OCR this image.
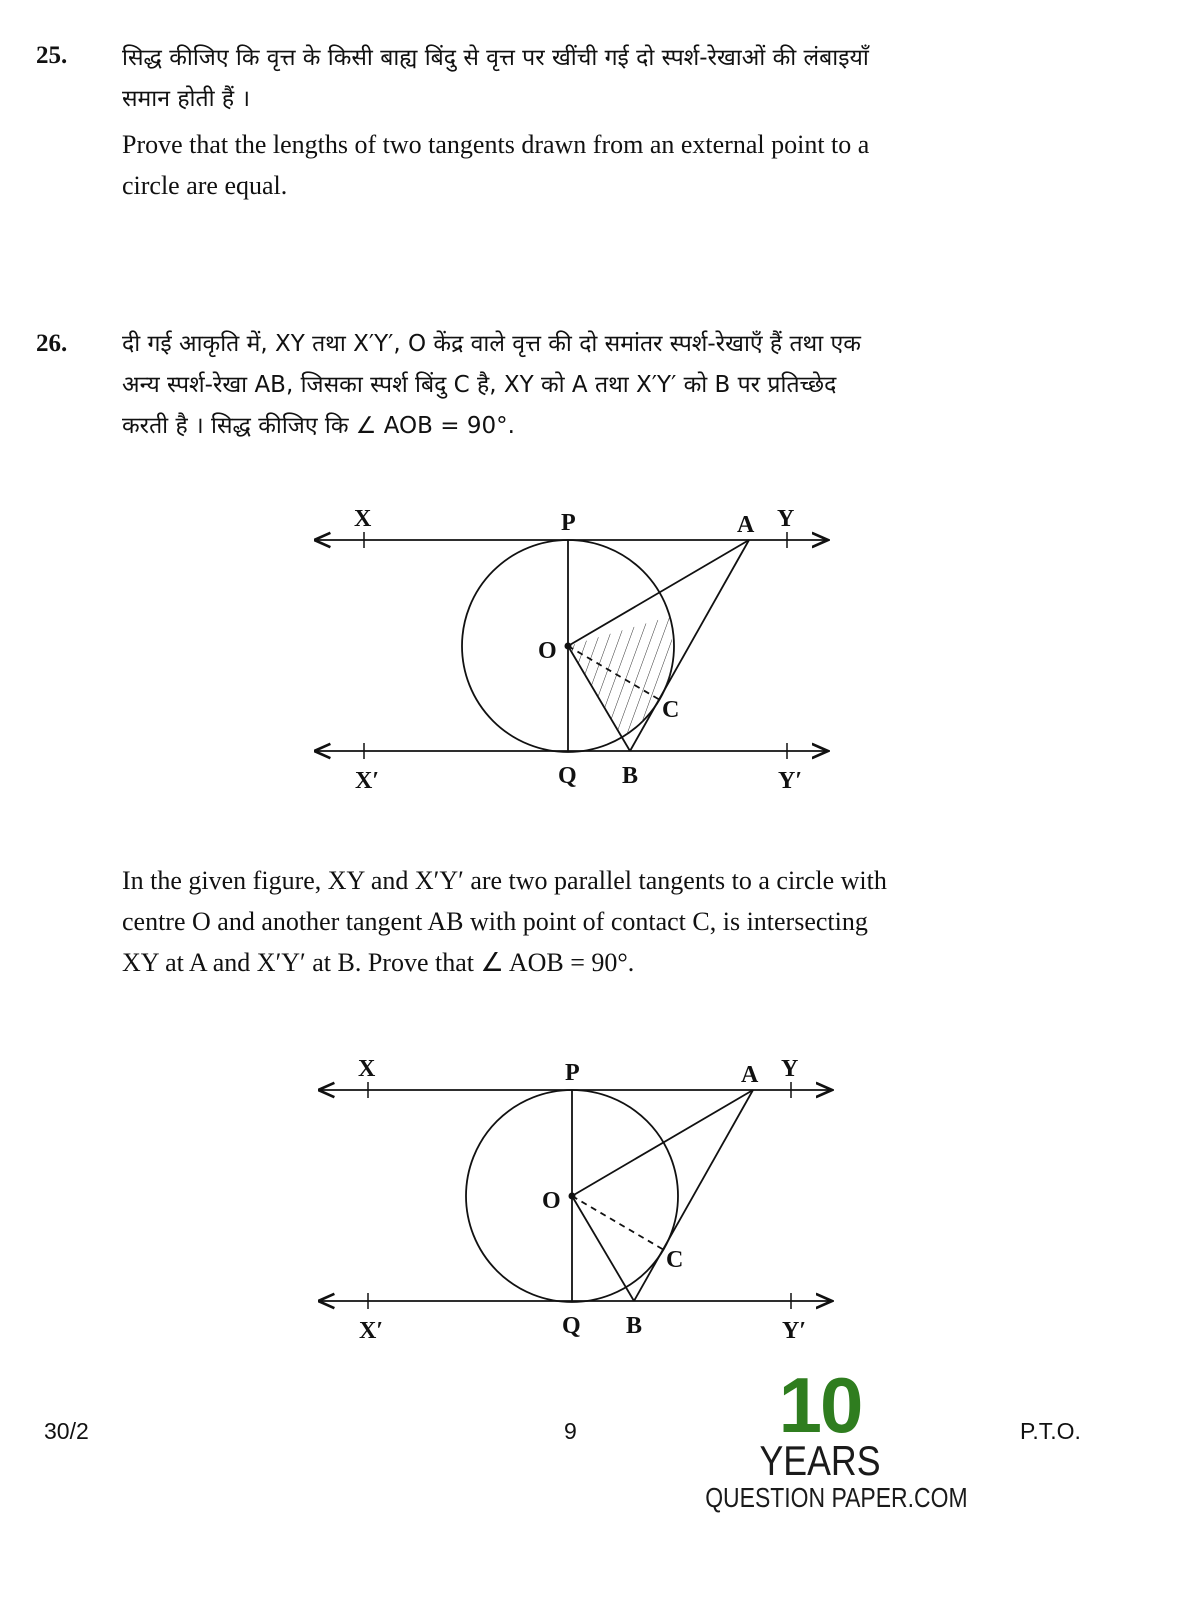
25. सिद्ध कीजिए कि वृत्त के किसी बाह्य बिंदु से वृत्त पर खींची गई दो स्पर्श-रेखाओं की लंबाइयाँ
समान होती हैं ।
Prove that the lengths of two tangents drawn from an external point to a
circle are equal.
26. दी गई आकृति में, XY तथा X′Y′, O केंद्र वाले वृत्त की दो समांतर स्पर्श-रेखाएँ हैं तथा एक
अन्य स्पर्श-रेखा AB, जिसका स्पर्श बिंदु C है, XY को A तथा X′Y′ को B पर प्रतिच्छेद
करती है । सिद्ध कीजिए कि ∠ AOB = 90°.
X	P	A Y
O
C
X′	Q B	Y′
X	P	A Y
O
C
X′	Q B	Y′
In the given figure, XY and X′Y′ are two parallel tangents to a circle with
centre O and another tangent AB with point of contact C, is intersecting
XY at A and X′Y′ at B. Prove that ∠ AOB = 90°.
30/2	9	P.T.O.
10
YEARS
QUESTION PAPER.COM
